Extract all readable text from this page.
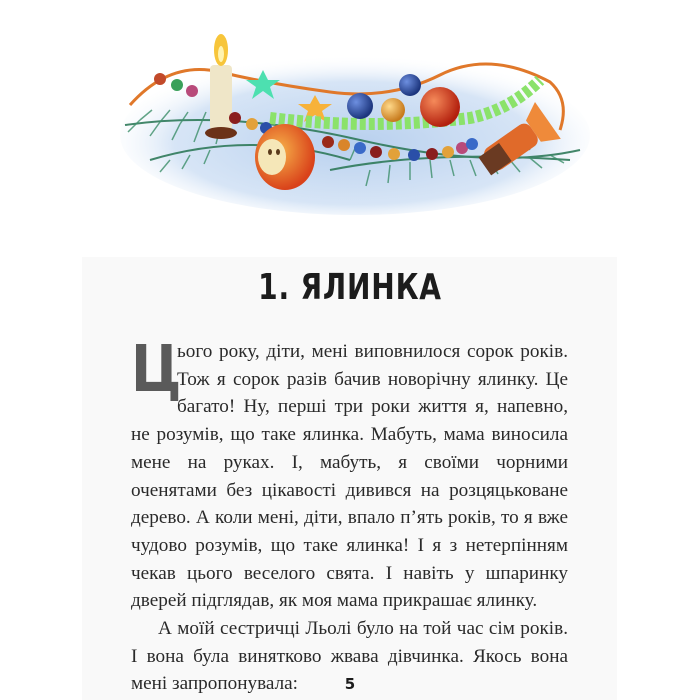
1. ЯЛИНКА

Ц
ього року, діти, мені виповнилося сорок років. Тож я сорок разів бачив новорічну ялинку. Це багато! Ну, перші три роки життя я, напевно, не розумів, що таке ялинка. Мабуть, мама виносила мене на руках. І, мабуть, я своїми чорними оченятами без цікавості дивився на розцяцьковане дерево. А коли мені, діти, впало п’ять років, то я вже чудово розумів, що таке ялинка! І я з нетерпінням чекав цього веселого свята. І навіть у шпаринку дверей підглядав, як моя мама прикрашає ялинку.

А моїй сестричці Льолі було на той час сім років. І вона була винятково жвава дівчинка. Якось вона мені запропонувала:	5
